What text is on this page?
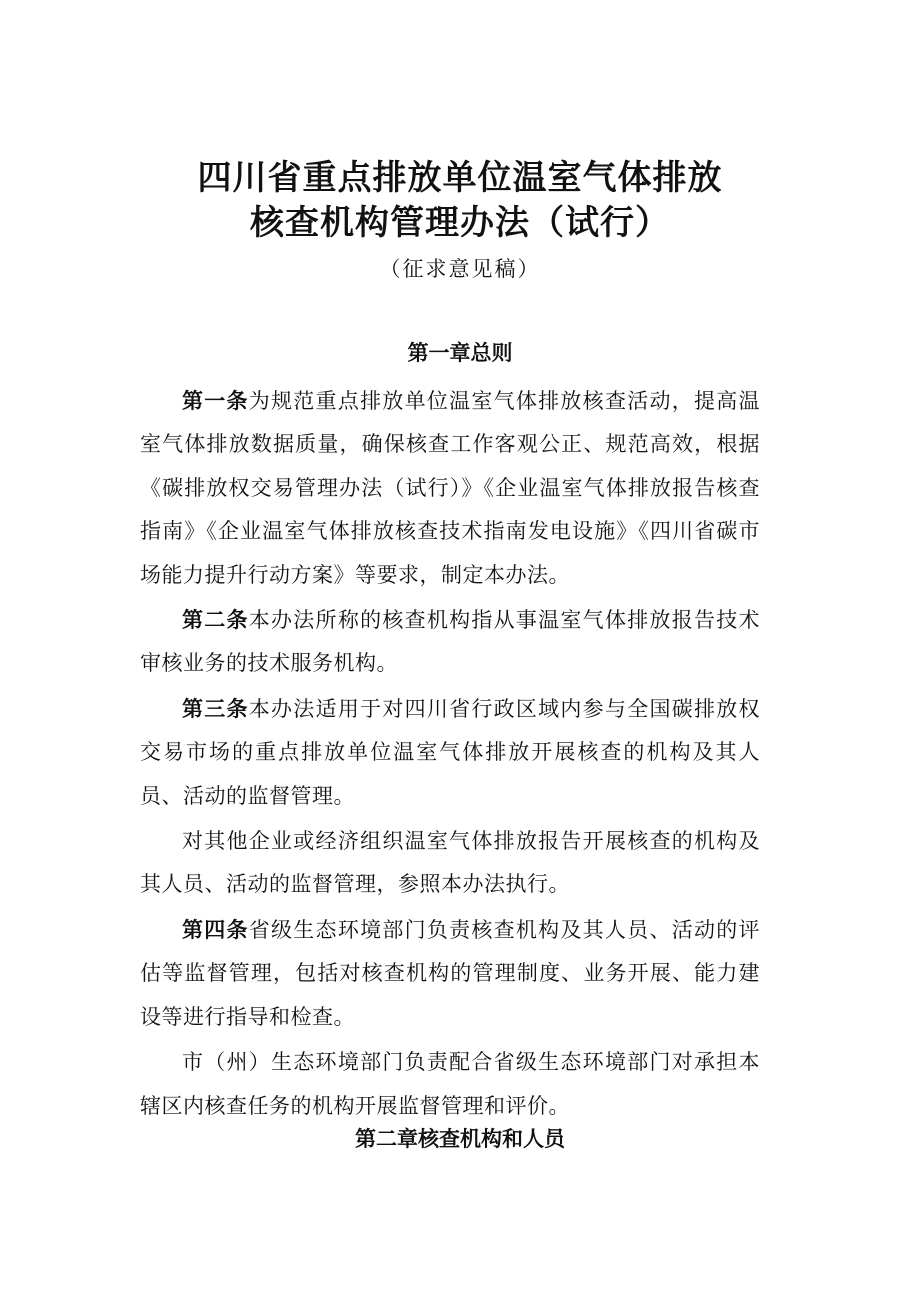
四川省重点排放单位温室气体排放
核查机构管理办法（试行）
（征求意见稿）
第一章总则

第一条为规范重点排放单位温室气体排放核查活动，提高温室气体排放数据质量，确保核查工作客观公正、规范高效，根据《碳排放权交易管理办法（试行）》《企业温室气体排放报告核查指南》《企业温室气体排放核查技术指南发电设施》《四川省碳市场能力提升行动方案》等要求，制定本办法。

第二条本办法所称的核查机构指从事温室气体排放报告技术审核业务的技术服务机构。

第三条本办法适用于对四川省行政区域内参与全国碳排放权交易市场的重点排放单位温室气体排放开展核查的机构及其人员、活动的监督管理。

对其他企业或经济组织温室气体排放报告开展核查的机构及其人员、活动的监督管理，参照本办法执行。

第四条省级生态环境部门负责核查机构及其人员、活动的评估等监督管理，包括对核查机构的管理制度、业务开展、能力建设等进行指导和检查。

市（州）生态环境部门负责配合省级生态环境部门对承担本辖区内核查任务的机构开展监督管理和评价。

第二章核查机构和人员
